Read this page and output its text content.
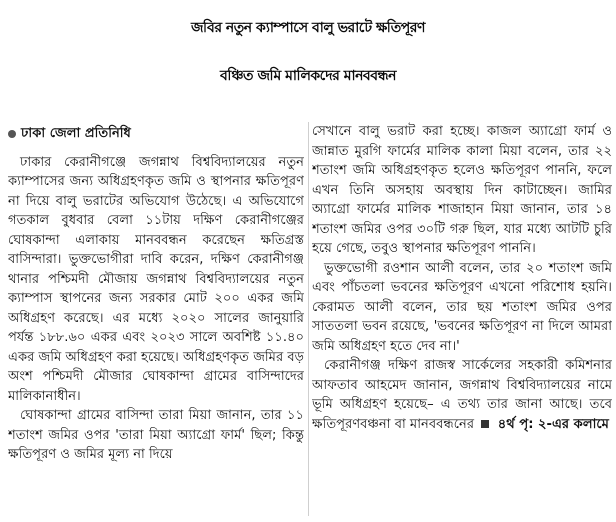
জবির নতুন ক্যাম্পাসে বালু ভরাটে ক্ষতিপূরণ
বঞ্চিত জমি মালিকদের মানববন্ধন
ঢাকা জেলা প্রতিনিধি

ঢাকার কেরানীগঞ্জে জগন্নাথ বিশ্ববিদ্যালয়ের নতুন ক্যাম্পাসের জন্য অধিগ্রহণকৃত জমি ও স্থাপনার ক্ষতিপূরণ না দিয়ে বালু ভরাটের অভিযোগ উঠেছে। এ অভিযোগে গতকাল বুধবার বেলা ১১টায় দক্ষিণ কেরানীগঞ্জের ঘোষকান্দা এলাকায় মানববন্ধন করেছেন ক্ষতিগ্রস্ত বাসিন্দারা। ভুক্তভোগীরা দাবি করেন, দক্ষিণ কেরানীগঞ্জ থানার পশ্চিমদী মৌজায় জগন্নাথ বিশ্ববিদ্যালয়ের নতুন ক্যাম্পাস স্থাপনের জন্য সরকার মোট ২০০ একর জমি অধিগ্রহণ করেছে। এর মধ্যে ২০২০ সালের জানুয়ারি পর্যন্ত ১৮৮.৬০ একর এবং ২০২৩ সালে অবশিষ্ট ১১.৪০ একর জমি অধিগ্রহণ করা হয়েছে। অধিগ্রহণকৃত জমির বড় অংশ পশ্চিমদী মৌজার ঘোষকান্দা গ্রামের বাসিন্দাদের মালিকানাধীন।

ঘোষকান্দা গ্রামের বাসিন্দা তারা মিয়া জানান, তার ১১ শতাংশ জমির ওপর 'তারা মিয়া অ্যাগ্রো ফার্ম' ছিল; কিন্তু ক্ষতিপূরণ ও জমির মূল্য না দিয়ে

সেখানে বালু ভরাট করা হচ্ছে। কাজল অ্যাগ্রো ফার্ম ও জান্নাত মুরগি ফার্মের মালিক কালা মিয়া বলেন, তার ২২ শতাংশ জমি অধিগ্রহণকৃত হলেও ক্ষতিপূরণ পাননি, ফলে এখন তিনি অসহায় অবস্থায় দিন কাটাচ্ছেন। জামির অ্যাগ্রো ফার্মের মালিক শাজাহান মিয়া জানান, তার ১৪ শতাংশ জমির ওপর ৩০টি গরু ছিল, যার মধ্যে আটটি চুরি হয়ে গেছে, তবুও স্থাপনার ক্ষতিপূরণ পাননি।

ভুক্তভোগী রওশান আলী বলেন, তার ২০ শতাংশ জমি এবং পাঁচতলা ভবনের ক্ষতিপূরণ এখনো পরিশোধ হয়নি। কেরামত আলী বলেন, তার ছয় শতাংশ জমির ওপর সাততলা ভবন রয়েছে, 'ভবনের ক্ষতিপূরণ না দিলে আমরা জমি অধিগ্রহণ হতে দেব না।'

কেরানীগঞ্জ দক্ষিণ রাজস্ব সার্কেলের সহকারী কমিশনার আফতাব আহমেদ জানান, জগন্নাথ বিশ্ববিদ্যালয়ের নামে ভূমি অধিগ্রহণ হয়েছে– এ তথ্য তার জানা আছে। তবে ক্ষতিপূরণবঞ্চনা বা মানববন্ধনের ৪র্থ পৃ: ২-এর কলামে
